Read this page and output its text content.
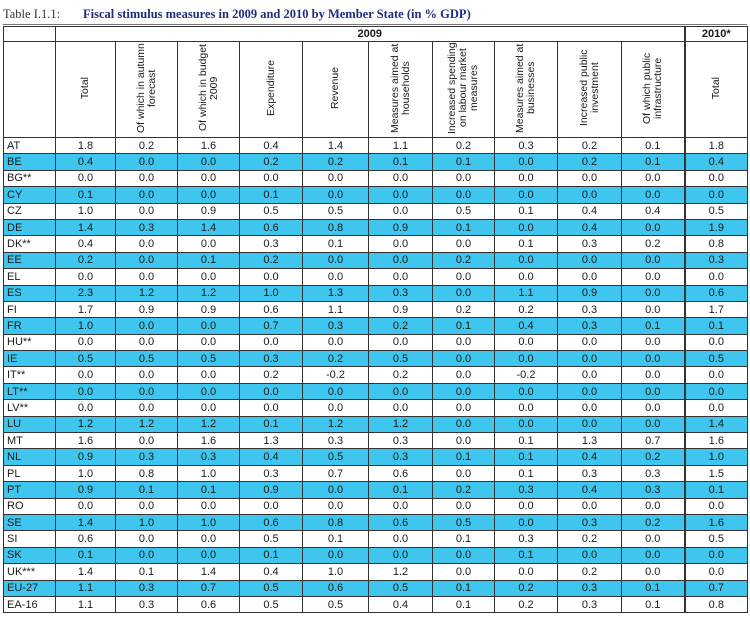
Table I.1.1:	Fiscal stimulus measures in 2009 and 2010 by Member State (in % GDP)
	2009										2010*
	Total	Of which in autumn forecast	Of which in budget 2009	Expenditure	Revenue	Measures aimed at households	Increased spending on labour market measures	Measures aimed at businesses	Increased public investment	Of which public infrastructure	Total
AT	1.8	0.2	1.6	0.4	1.4	1.1	0.2	0.3	0.2	0.1	1.8
BE	0.4	0.0	0.0	0.2	0.2	0.1	0.1	0.0	0.2	0.1	0.4
BG**	0.0	0.0	0.0	0.0	0.0	0.0	0.0	0.0	0.0	0.0	0.0
CY	0.1	0.0	0.0	0.1	0.0	0.0	0.0	0.0	0.0	0.0	0.0
CZ	1.0	0.0	0.9	0.5	0.5	0.0	0.5	0.1	0.4	0.4	0.5
DE	1.4	0.3	1.4	0.6	0.8	0.9	0.1	0.0	0.4	0.0	1.9
DK**	0.4	0.0	0.0	0.3	0.1	0.0	0.0	0.1	0.3	0.2	0.8
EE	0.2	0.0	0.1	0.2	0.0	0.0	0.2	0.0	0.0	0.0	0.3
EL	0.0	0.0	0.0	0.0	0.0	0.0	0.0	0.0	0.0	0.0	0.0
ES	2.3	1.2	1.2	1.0	1.3	0.3	0.0	1.1	0.9	0.0	0.6
FI	1.7	0.9	0.9	0.6	1.1	0.9	0.2	0.2	0.3	0.0	1.7
FR	1.0	0.0	0.0	0.7	0.3	0.2	0.1	0.4	0.3	0.1	0.1
HU**	0.0	0.0	0.0	0.0	0.0	0.0	0.0	0.0	0.0	0.0	0.0
IE	0.5	0.5	0.5	0.3	0.2	0.5	0.0	0.0	0.0	0.0	0.5
IT**	0.0	0.0	0.0	0.2	-0.2	0.2	0.0	-0.2	0.0	0.0	0.0
LT**	0.0	0.0	0.0	0.0	0.0	0.0	0.0	0.0	0.0	0.0	0.0
LV**	0.0	0.0	0.0	0.0	0.0	0.0	0.0	0.0	0.0	0.0	0.0
LU	1.2	1.2	1.2	0.1	1.2	1.2	0.0	0.0	0.0	0.0	1.4
MT	1.6	0.0	1.6	1.3	0.3	0.3	0.0	0.1	1.3	0.7	1.6
NL	0.9	0.3	0.3	0.4	0.5	0.3	0.1	0.1	0.4	0.2	1.0
PL	1.0	0.8	1.0	0.3	0.7	0.6	0.0	0.1	0.3	0.3	1.5
PT	0.9	0.1	0.1	0.9	0.0	0.1	0.2	0.3	0.4	0.3	0.1
RO	0.0	0.0	0.0	0.0	0.0	0.0	0.0	0.0	0.0	0.0	0.0
SE	1.4	1.0	1.0	0.6	0.8	0.6	0.5	0.0	0.3	0.2	1.6
SI	0.6	0.0	0.0	0.5	0.1	0.0	0.1	0.3	0.2	0.0	0.5
SK	0.1	0.0	0.0	0.1	0.0	0.0	0.0	0.1	0.0	0.0	0.0
UK***	1.4	0.1	1.4	0.4	1.0	1.2	0.0	0.0	0.2	0.0	0.0
EU-27	1.1	0.3	0.7	0.5	0.6	0.5	0.1	0.2	0.3	0.1	0.7
EA-16	1.1	0.3	0.6	0.5	0.5	0.4	0.1	0.2	0.3	0.1	0.8
